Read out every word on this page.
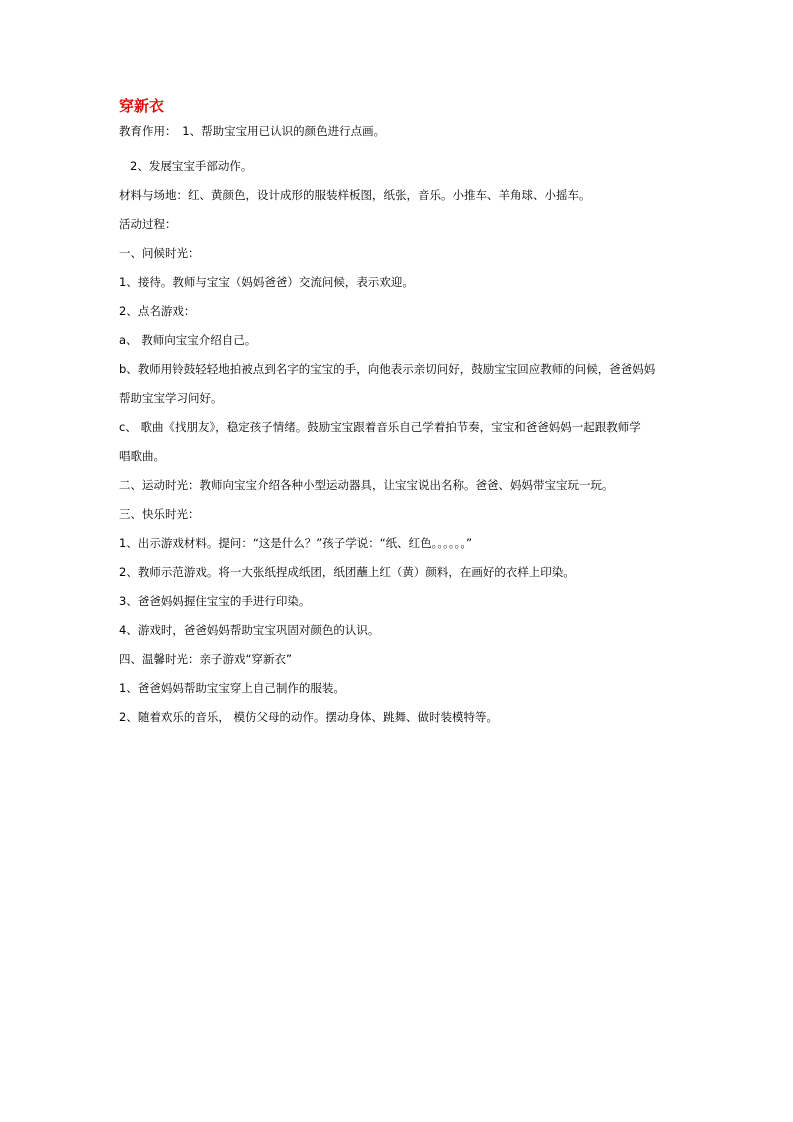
穿新衣

教育作用：　1、帮助宝宝用已认识的颜色进行点画。

2、发展宝宝手部动作。

材料与场地：红、黄颜色，设计成形的服装样板图，纸张，音乐。小推车、羊角球、小摇车。

活动过程：

一、问候时光：

1、接待。教师与宝宝（妈妈爸爸）交流问候，表示欢迎。

2、点名游戏：

a、 教师向宝宝介绍自己。

b、教师用铃鼓轻轻地拍被点到名字的宝宝的手，向他表示亲切问好，鼓励宝宝回应教师的问候，爸爸妈妈

帮助宝宝学习问好。

c、 歌曲《找朋友》，稳定孩子情绪。鼓励宝宝跟着音乐自己学着拍节奏，宝宝和爸爸妈妈一起跟教师学

唱歌曲。

二、运动时光：教师向宝宝介绍各种小型运动器具，让宝宝说出名称。爸爸、妈妈带宝宝玩一玩。

三、快乐时光：

1、出示游戏材料。提问：“这是什么？”孩子学说：“纸、红色。。。。。。”

2、教师示范游戏。将一大张纸捏成纸团，纸团蘸上红（黄）颜料，在画好的衣样上印染。

3、爸爸妈妈握住宝宝的手进行印染。

4、游戏时，爸爸妈妈帮助宝宝巩固对颜色的认识。

四、温馨时光：亲子游戏“穿新衣”

1、爸爸妈妈帮助宝宝穿上自己制作的服装。

2、随着欢乐的音乐， 模仿父母的动作。摆动身体、跳舞、做时装模特等。
